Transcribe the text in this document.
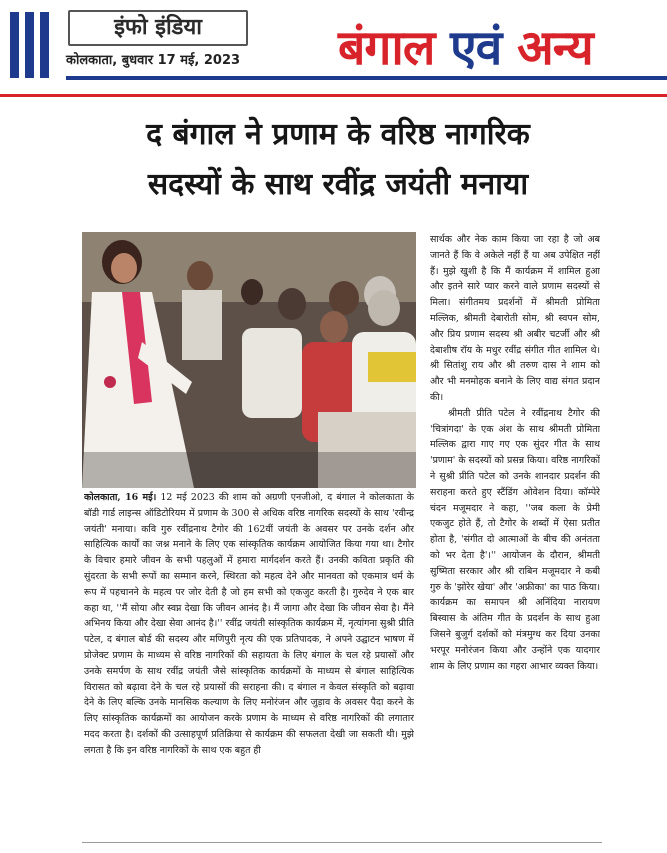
इंफो इंडिया
कोलकाता, बुधवार 17 मई, 2023 बंगाल एवं अन्य
द बंगाल ने प्रणाम के वरिष्ठ नागरिक
सदस्यों के साथ रवींद्र जयंती मनाया

कोलकाता, 16 मई। 12 मई 2023 की शाम को अग्रणी एनजीओ, द बंगाल ने कोलकाता के बॉडी गार्ड लाइन्स ऑडिटोरियम में प्रणाम के 300 से अधिक वरिष्ठ नागरिक सदस्यों के साथ 'रवीन्द्र जयंती' मनाया। कवि गुरु रवींद्रनाथ टैगोर की 162वीं जयंती के अवसर पर उनके दर्शन और साहित्यिक कार्यों का जश्न मनाने के लिए एक सांस्कृतिक कार्यक्रम आयोजित किया गया था। टैगोर के विचार हमारे जीवन के सभी पहलुओं में हमारा मार्गदर्शन करते हैं। उनकी कविता प्रकृति की सुंदरता के सभी रूपों का सम्मान करने, स्थिरता को महत्व देने और मानवता को एकमात्र धर्म के रूप में पहचानने के महत्व पर जोर देती है जो हम सभी को एकजुट करती है। गुरुदेव ने एक बार कहा था, ''मैं सोया और स्वप्न देखा कि जीवन आनंद है। मैं जागा और देखा कि जीवन सेवा है। मैंने अभिनय किया और देखा सेवा आनंद है।'' रवींद्र जयंती सांस्कृतिक कार्यक्रम में, नृत्यांगना सुश्री प्रीति पटेल, द बंगाल बोर्ड की सदस्य और मणिपुरी नृत्य की एक प्रतिपादक, ने अपने उद्घाटन भाषण में प्रोजेक्ट प्रणाम के माध्यम से वरिष्ठ नागरिकों की सहायता के लिए बंगाल के चल रहे प्रयासों और उनके समर्पण के साथ रवींद्र जयंती जैसे सांस्कृतिक कार्यक्रमों के माध्यम से बंगाल साहित्यिक विरासत को बढ़ावा देने के चल रहे प्रयासों की सराहना की। द बंगाल न केवल संस्कृति को बढ़ावा देने के लिए बल्कि उनके मानसिक कल्याण के लिए मनोरंजन और जुड़ाव के अवसर पैदा करने के लिए सांस्कृतिक कार्यक्रमों का आयोजन करके प्रणाम के माध्यम से वरिष्ठ नागरिकों की लगातार मदद करता है। दर्शकों की उत्साहपूर्ण प्रतिक्रिया से कार्यक्रम की सफलता देखी जा सकती थी। मुझे लगता है कि इन वरिष्ठ नागरिकों के साथ एक बहुत ही

सार्थक और नेक काम किया जा रहा है जो अब जानते हैं कि वे अकेले नहीं हैं या अब उपेक्षित नहीं हैं। मुझे खुशी है कि मैं कार्यक्रम में शामिल हुआ और इतने सारे प्यार करने वाले प्रणाम सदस्यों से मिला। संगीतमय प्रदर्शनों में श्रीमती प्रोमिता मल्लिक, श्रीमती देबारोती सोम, श्री स्वपन सोम, और प्रिय प्रणाम सदस्य श्री अबीर चटर्जी और श्री देबाशीष रॉय के मधुर रवींद्र संगीत गीत शामिल थे। श्री सितांशु राय और श्री तरुण दास ने शाम को और भी मनमोहक बनाने के लिए वाद्य संगत प्रदान की।

श्रीमती प्रीति पटेल ने रवींद्रनाथ टैगोर की 'चित्रांगदा' के एक अंश के साथ श्रीमती प्रोमिता मल्लिक द्वारा गाए गए एक सुंदर गीत के साथ 'प्रणाम' के सदस्यों को प्रसन्न किया। वरिष्ठ नागरिकों ने सुश्री प्रीति पटेल को उनके शानदार प्रदर्शन की सराहना करते हुए स्टैंडिंग ओवेशन दिया। कॉम्पेरे चंदन मजूमदार ने कहा, ''जब कला के प्रेमी एकजुट होते हैं, तो टैगोर के शब्दों में ऐसा प्रतीत होता है, 'संगीत दो आत्माओं के बीच की अनंतता को भर देता है'।'' आयोजन के दौरान, श्रीमती सुष्मिता सरकार और श्री राबिन मजूमदार ने कबी गुरु के 'झोरेर खेया' और 'अफ्रीका' का पाठ किया। कार्यक्रम का समापन श्री अनिंदिया नारायण बिस्वास के अंतिम गीत के प्रदर्शन के साथ हुआ जिसने बुजुर्ग दर्शकों को मंत्रमुग्ध कर दिया उनका भरपूर मनोरंजन किया और उन्होंने एक यादगार शाम के लिए प्रणाम का गहरा आभार व्यक्त किया।
